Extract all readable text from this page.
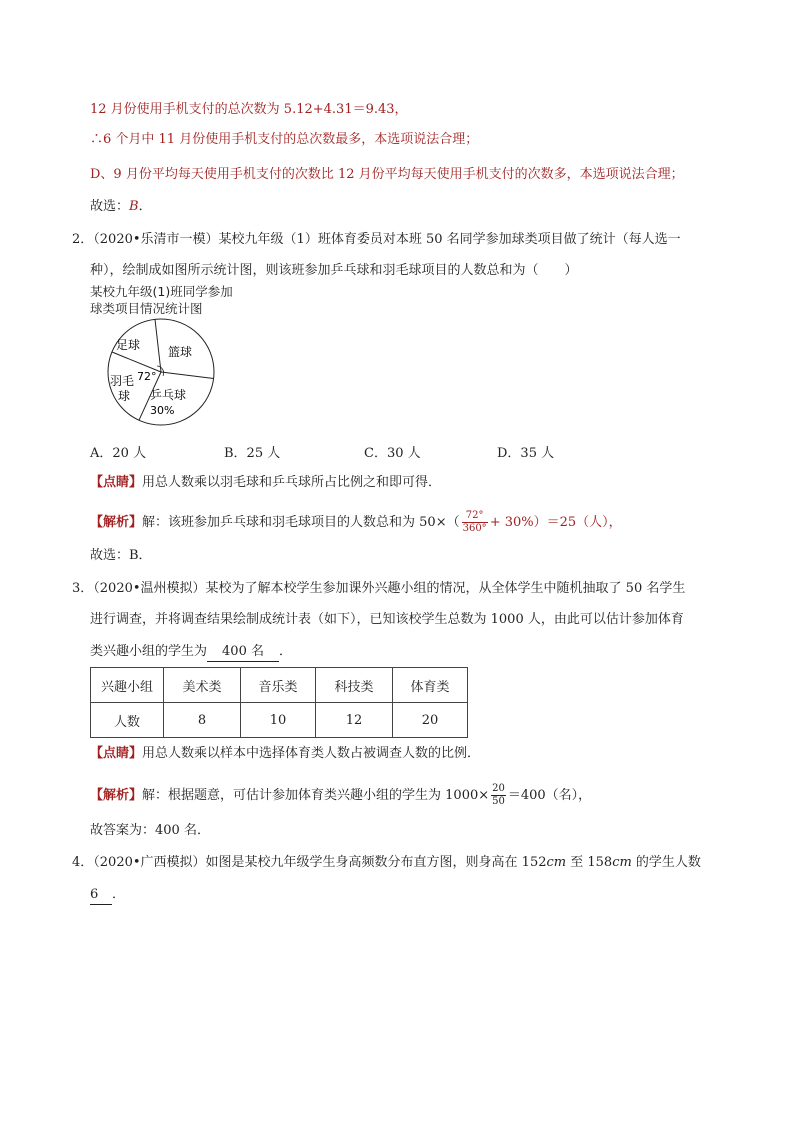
12 月份使用手机支付的总次数为 5.12+4.31＝9.43，
∴6 个月中 11 月份使用手机支付的总次数最多，本选项说法合理；
D、9 月份平均每天使用手机支付的次数比 12 月份平均每天使用手机支付的次数多，本选项说法合理；
故选：B．
2．（2020•乐清市一模）某校九年级（1）班体育委员对本班 50 名同学参加球类项目做了统计（每人选一
种），绘制成如图所示统计图，则该班参加乒乓球和羽毛球项目的人数总和为（　　）
某校九年级(1)班同学参加
球类项目情况统计图
篮球
足球
羽毛
球
72°
乒乓球
30%
A．20 人	B．25 人	C．30 人	D．35 人
【点睛】用总人数乘以羽毛球和乒乓球所占比例之和即可得．
【解析】解：该班参加乒乓球和羽毛球项目的人数总和为 $50\times( \frac{72^\circ}{360^\circ} + 30\%)=25$（人），
故选：B．
3．（2020•温州模拟）某校为了解本校学生参加课外兴趣小组的情况，从全体学生中随机抽取了 50 名学生
进行调查，并将调查结果绘制成统计表（如下），已知该校学生总数为 1000 人，由此可以估计参加体育
类兴趣小组的学生为 400 名 ．
兴趣小组	美术类	音乐类	科技类	体育类
人数	8	10	12	20
【点睛】用总人数乘以样本中选择体育类人数占被调查人数的比例．
【解析】解：根据题意，可估计参加体育类兴趣小组的学生为 $1000\times \frac{20}{50} =400$（名），
故答案为：400 名．
4．（2020•广西模拟）如图是某校九年级学生身高频数分布直方图，则身高在 152cm 至 158cm 的学生人数
6 ．
